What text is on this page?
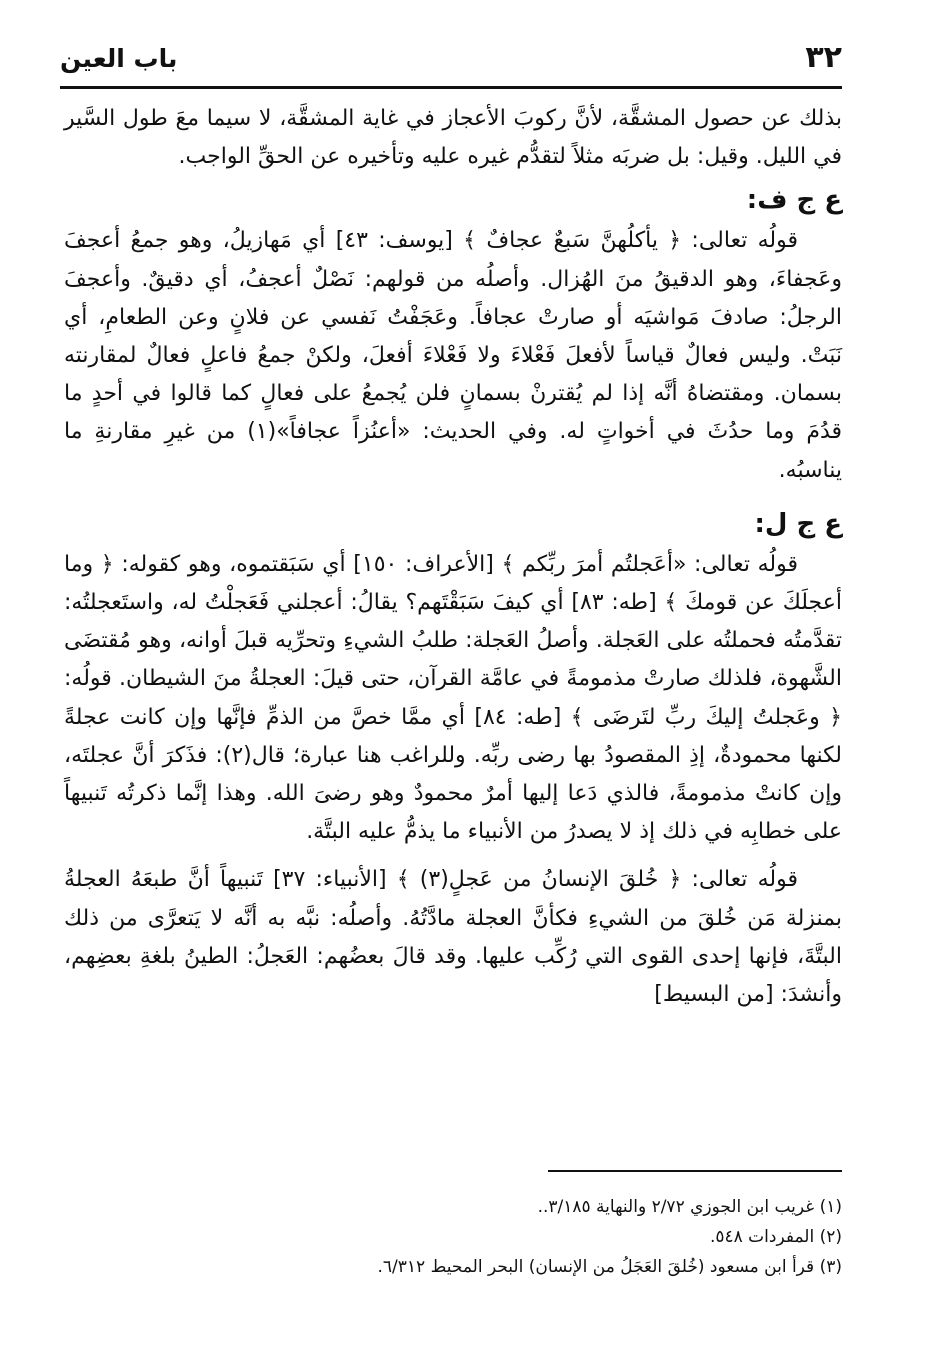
٣٢
باب العين

بذلك عن حصول المشقَّة، لأنَّ ركوبَ الأعجاز في غاية المشقَّة، لا سيما معَ طول السَّير في الليل. وقيل: بل ضربَه مثلاً لتقدُّم غيره عليه وتأخيره عن الحقِّ الواجب.

ع ج ف:

قولُه تعالى: ﴿ يأكلُهنَّ سَبعٌ عجافٌ ﴾ [يوسف: ٤٣] أي مَهازيلُ، وهو جمعُ أعجفَ وعَجفاءَ، وهو الدقيقُ منَ الهُزال. وأصلُه من قولهم: نَصْلٌ أعجفُ، أي دقيقٌ. وأعجفَ الرجلُ: صادفَ مَواشيَه أو صارتْ عجافاً. وعَجَفْتُ نَفسي عن فلانٍ وعن الطعامِ، أي نَبَتْ. وليس فعالٌ قياساً لأفعلَ فَعْلاءَ ولا فَعْلاءَ أفعلَ، ولكنْ جمعُ فاعلٍ فعالٌ لمقارنته بسمان. ومقتضاهُ أنَّه إذا لم يُقترنْ بسمانٍ فلن يُجمعُ على فعالٍ كما قالوا في أحدٍ ما قدُمَ وما حدُثَ في أخواتٍ له. وفي الحديث: «أعنُزاً عجافاً»(١) من غيرِ مقارنةِ ما يناسبُه.

ع ج ل:

قولُه تعالى: «أعَجلتُم أمرَ ربِّكم ﴾ [الأعراف: ١٥٠] أي سَبَقتموه، وهو كقوله: ﴿ وما أعجلَكَ عن قومكَ ﴾ [طه: ٨٣] أي كيفَ سَبَقْتَهم؟ يقالُ: أعجلني فَعَجلْتُ له، واستَعجلتُه: تقدَّمتُه فحملتُه على العَجلة. وأصلُ العَجلة: طلبُ الشيءِ وتحرِّيه قبلَ أوانه، وهو مُقتضَى الشَّهوة، فلذلك صارتْ مذمومةً في عامَّة القرآن، حتى قيلَ: العجلةُ منَ الشيطان. قولُه: ﴿ وعَجلتُ إليكَ ربِّ لتَرضَى ﴾ [طه: ٨٤] أي ممَّا خصَّ من الذمِّ فإنَّها وإن كانت عجلةً لكنها محمودةٌ، إذِ المقصودُ بها رضى ربِّه. وللراغب هنا عبارة؛ قال(٢): فذَكرَ أنَّ عجلتَه، وإن كانتْ مذمومةً، فالذي دَعا إليها أمرٌ محمودٌ وهو رضىَ الله. وهذا إنَّما ذكرتُه تَنبيهاً على خطابِه في ذلك إذ لا يصدرُ من الأنبياء ما يذمُّ عليه البتَّة.

قولُه تعالى: ﴿ خُلقَ الإنسانُ من عَجلٍ(٣) ﴾ [الأنبياء: ٣٧] تَنبيهاً أنَّ طبعَهُ العجلةُ بمنزلة مَن خُلقَ من الشيءِ فكأنَّ العجلة مادَّتُهُ. وأصلُه: نبَّه به أنَّه لا يَتعرَّى من ذلك البتَّةَ، فإنها إحدى القوى التي رُكِّب عليها. وقد قالَ بعضُهم: العَجلُ: الطينُ بلغةِ بعضِهم، وأنشدَ: [من البسيط]

(١) غريب ابن الجوزي ٢/٧٢ والنهاية ٣/١٨٥..
(٢) المفردات ٥٤٨.
(٣) قرأ ابن مسعود (خُلقَ العَجَلُ من الإنسان) البحر المحيط ٦/٣١٢.
